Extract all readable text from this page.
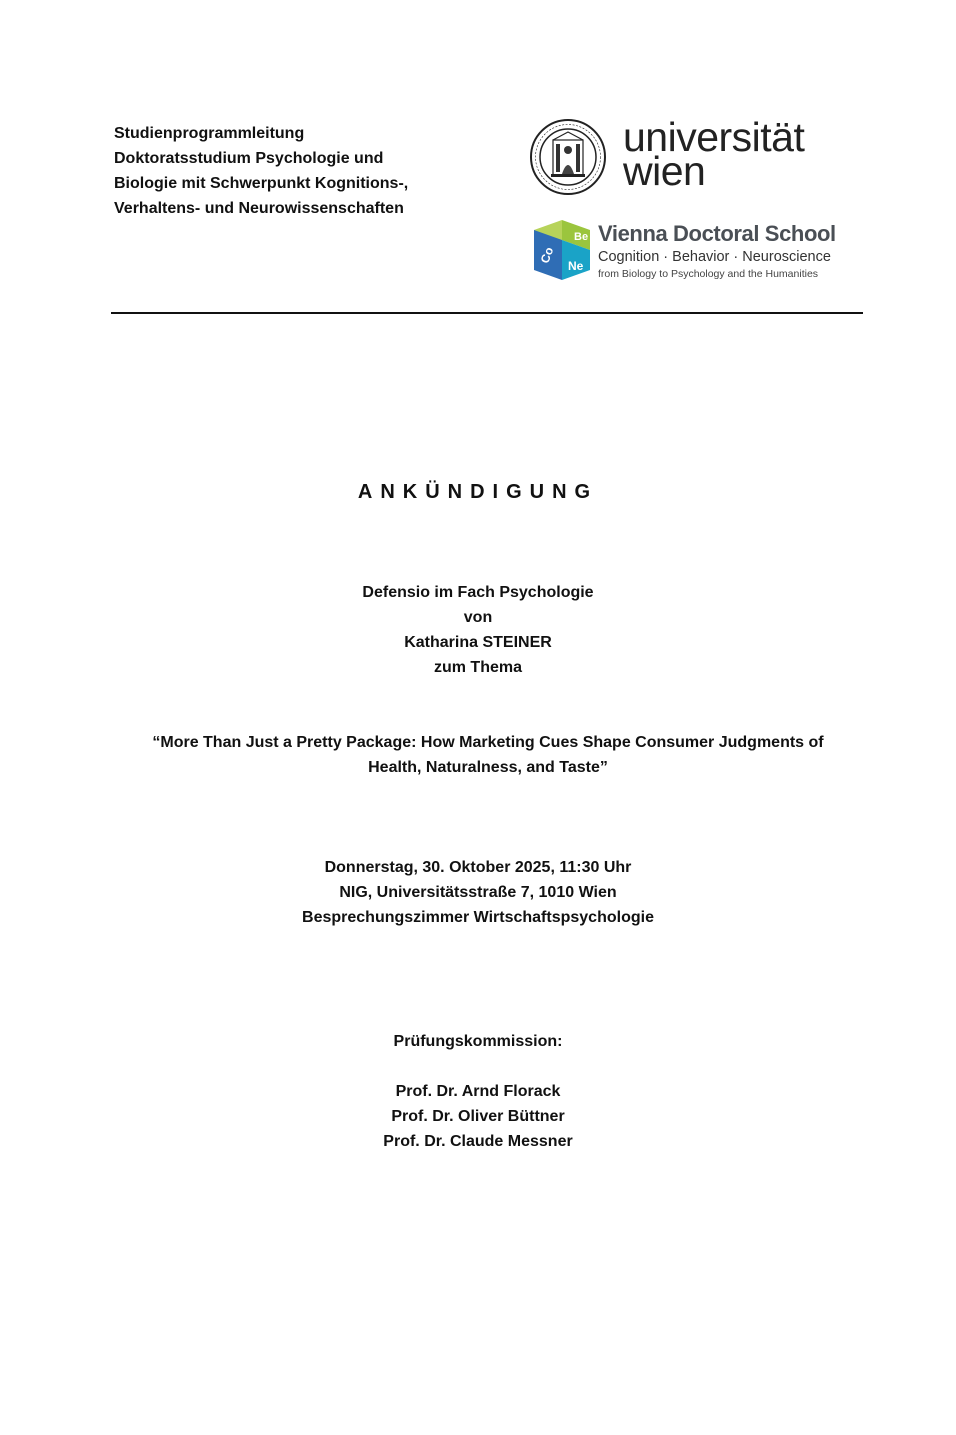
Studienprogrammleitung
Doktoratsstudium Psychologie und
Biologie mit Schwerpunkt Kognitions-,
Verhaltens- und Neurowissenschaften
universität
wien
Be
Co
Ne
Vienna Doctoral School
Cognition · Behavior · Neuroscience
from Biology to Psychology and the Humanities
ANKÜNDIGUNG
Defensio im Fach Psychologie
von
Katharina STEINER
zum Thema
“More Than Just a Pretty Package: How Marketing Cues Shape Consumer Judgments of
Health, Naturalness, and Taste”
Donnerstag, 30. Oktober 2025, 11:30 Uhr
NIG, Universitätsstraße 7, 1010 Wien
Besprechungszimmer Wirtschaftspsychologie
Prüfungskommission:
Prof. Dr. Arnd Florack
Prof. Dr. Oliver Büttner
Prof. Dr. Claude Messner
